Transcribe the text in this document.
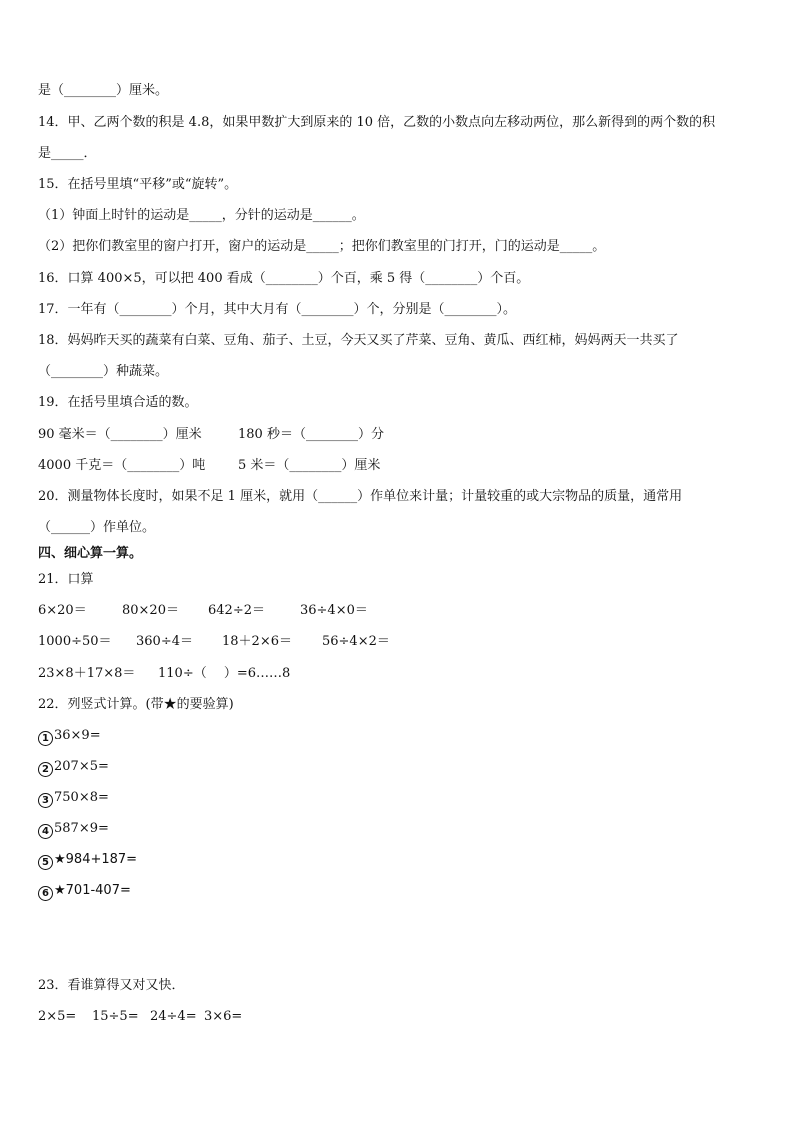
是（________）厘米。
14．甲、乙两个数的积是 4.8，如果甲数扩大到原来的 10 倍，乙数的小数点向左移动两位，那么新得到的两个数的积
是_____．
15．在括号里填“平移”或“旋转”。
（1）钟面上时针的运动是_____，分针的运动是______。
（2）把你们教室里的窗户打开，窗户的运动是_____；把你们教室里的门打开，门的运动是_____。
16．口算 400×5，可以把 400 看成（________）个百，乘 5 得（________）个百。
17．一年有（________）个月，其中大月有（________）个，分别是（________）。
18．妈妈昨天买的蔬菜有白菜、豆角、茄子、土豆，今天又买了芹菜、豆角、黄瓜、西红柿，妈妈两天一共买了
（________）种蔬菜。
19．在括号里填合适的数。
90 毫米＝（________）厘米	180 秒＝（________）分
4000 千克＝（________）吨	5 米＝（________）厘米
20．测量物体长度时，如果不足 1 厘米，就用（______）作单位来计量；计量较重的或大宗物品的质量，通常用
（______）作单位。
四、细心算一算。
21．口算
6×20＝	80×20＝ 642÷2＝	36÷4×0＝
1000÷50＝ 360÷4＝ 18＋2×6＝ 56÷4×2＝
23×8＋17×8＝ 110÷（　 ）=6……8
22．列竖式计算。(带★的要验算)
1 36×9=
2 207×5=
3 750×8=
4 587×9=
5 ★984+187=
6 ★701-407=
23．看谁算得又对又快．
2×5= 15÷5= 24÷4= 3×6=
